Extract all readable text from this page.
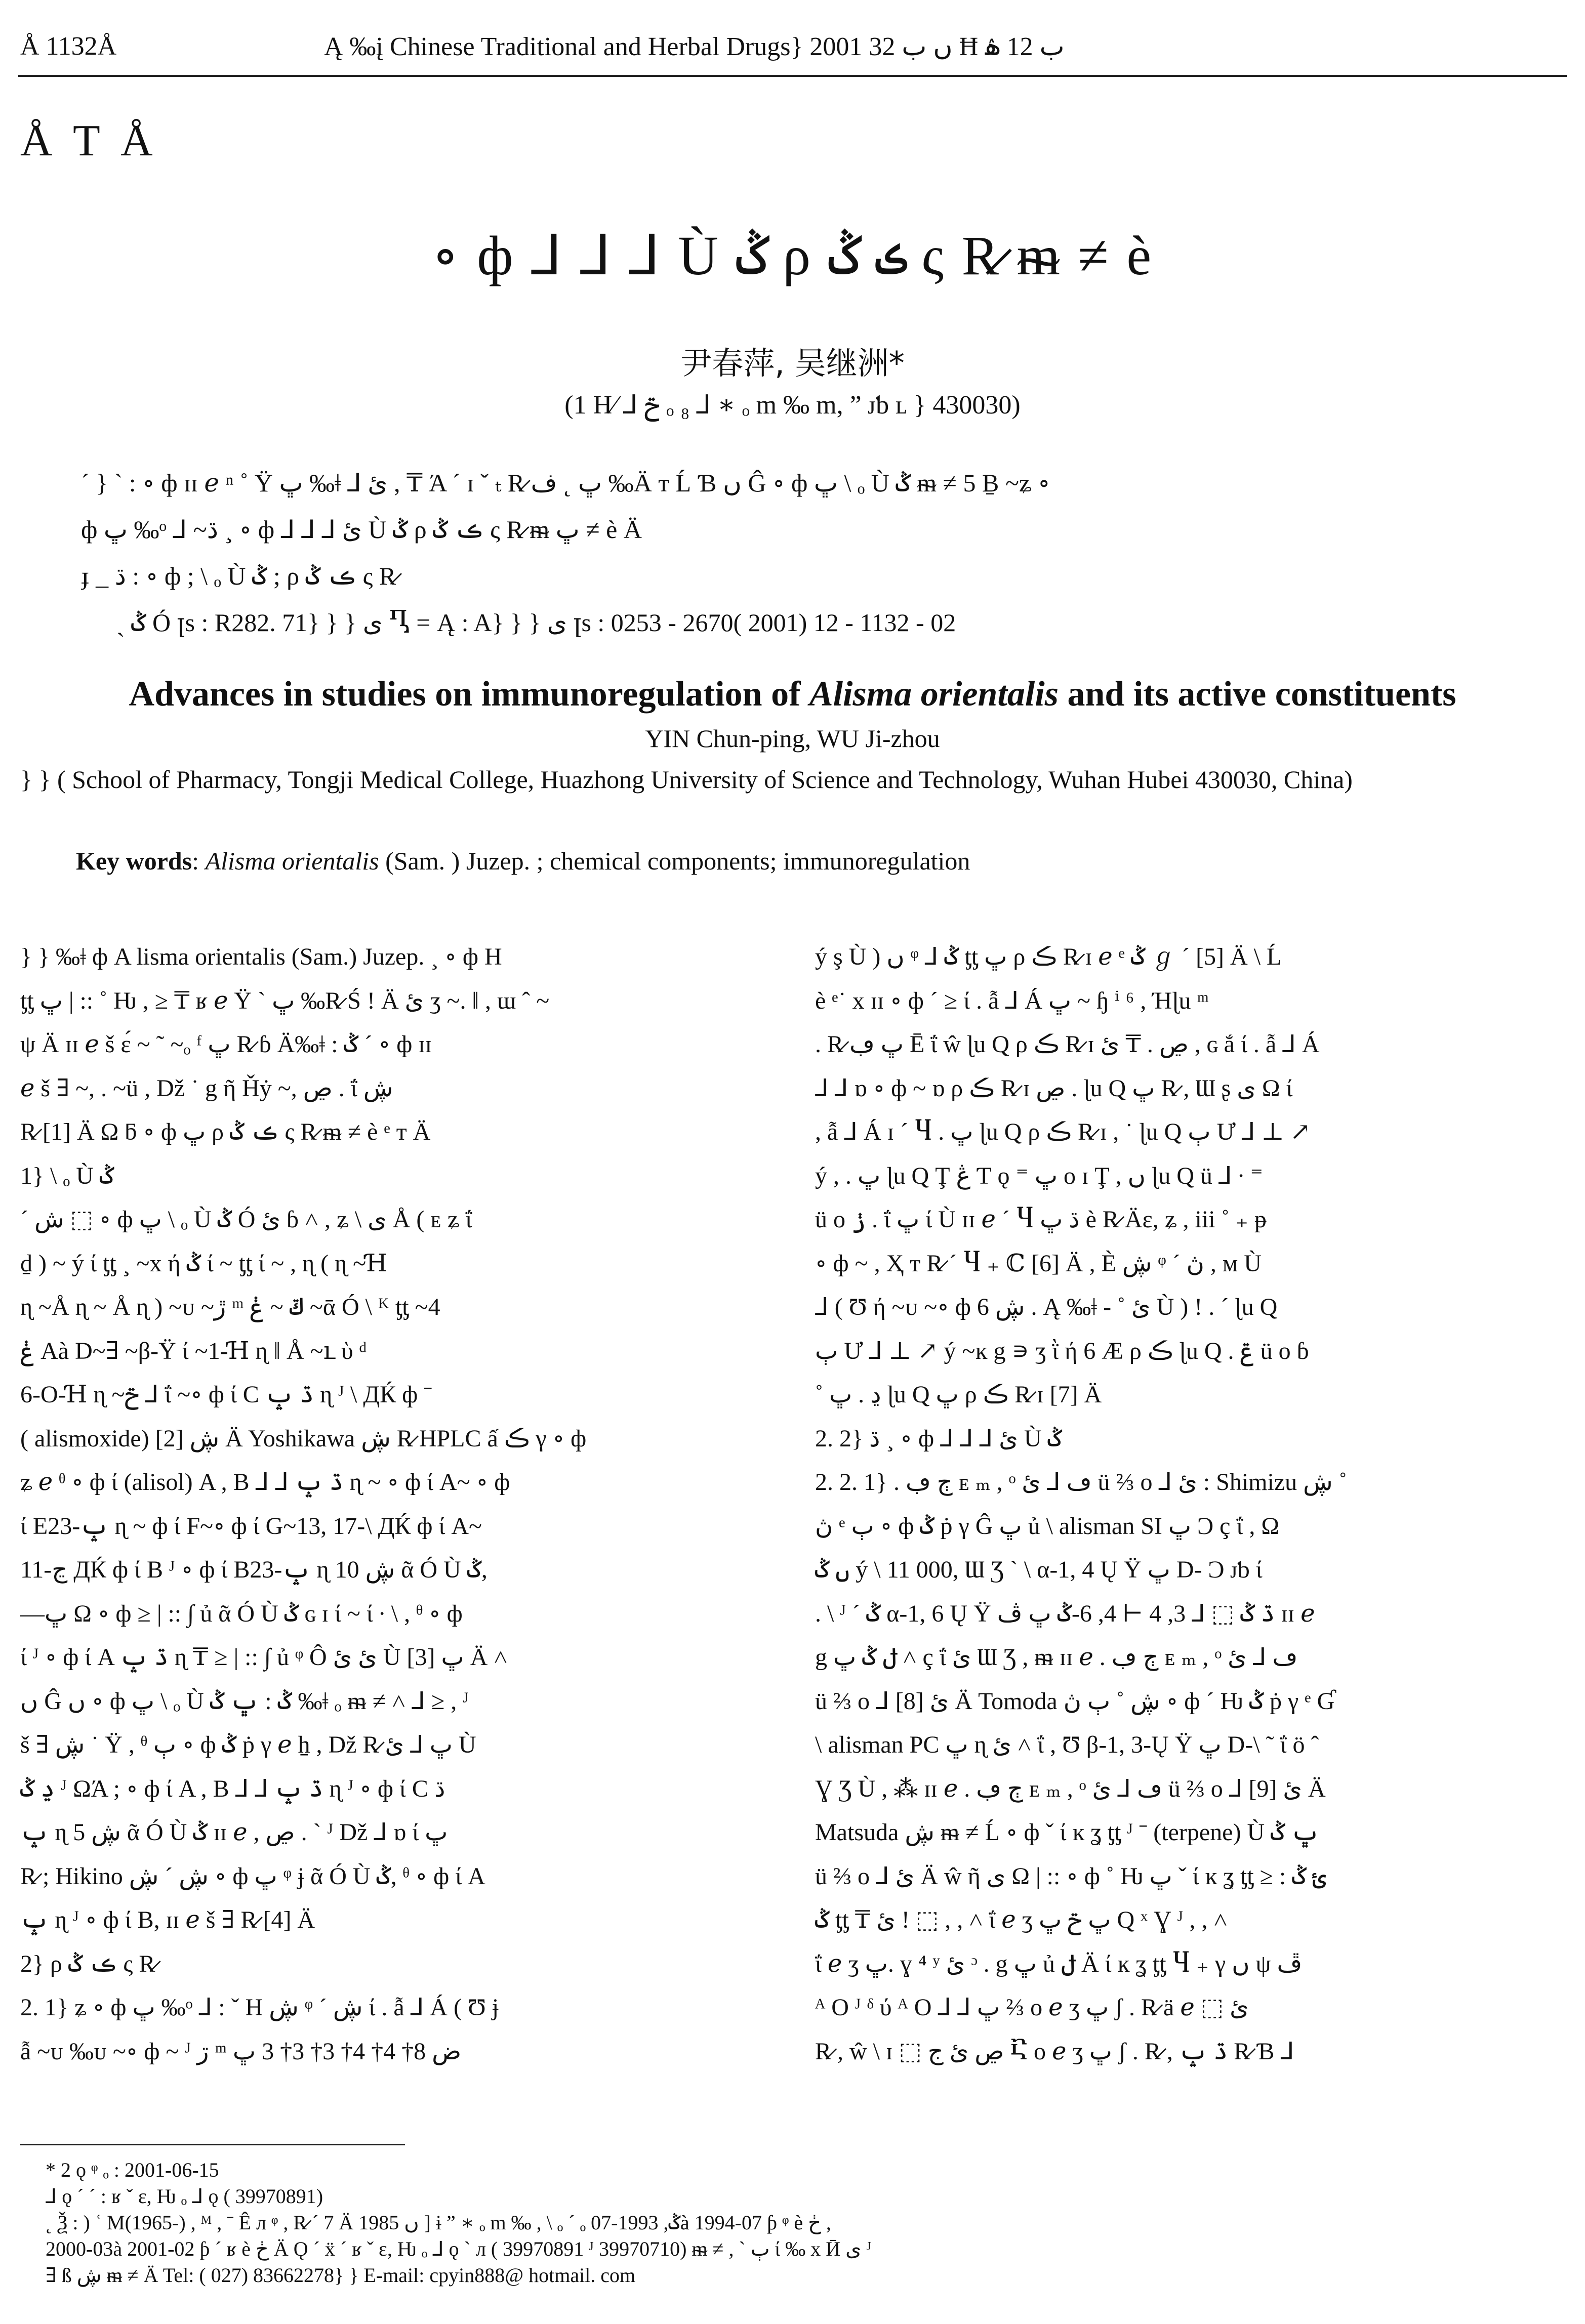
Å 1132Å	Ą ‰į Chinese Traditional and Herbal Drugs} 2001 ں ب 32 Ħ ب 12 ۿ
Å T Å
∘ ф ⅃ ⅃ ⅃ Ù ݣ ρ ڪ ݣ ς R̷ ᵯ ≠ è
尹春萍, 吴继洲*
(1 H⁄ ⅃ ݗ ₒ ₈ ⅃ ∗ ₒ m ‰ m, ” ᴊƅ ʟ } 430030)
ˊ } ˋ : ∘ ф ɪɪ ℯ ⁿ ˚ Ÿ ڀ ‰ǂ ⅃ ئ , ₸ Ά ˊ ɪ ˇ ₜ R̷ ڀ ˛ ف ‰Ä ᴛ Ĺ Ɓ ں Ĝ ∘ ф ڀ \ ₒ Ù ݣ ᵯ ≠ 5 Ḇ ~ʑ ∘
ф ڀ ‰ᵒ ⅃ ~ڌ ¸ ∘ ф ⅃ ⅃ ⅃ ئ Ù ݣ ρ ڪ ݣ ς R̷ ᵯ ڀ ≠ è Ä
ɟ _ ڌ : ∘ ф ; \ ₒ Ù ݣ ; ρ ڪ ݣ ς R̷
ˎ ݣ Ó ꞁs : R282. 71} } } ى Ⴂ = Ą : A} } } ى ꞁs : 0253 - 2670( 2001) 12 - 1132 - 02
Advances in studies on immunoregulation of Alisma orientalis and its active constituents
YIN Chun-ping, WU Ji-zhou
} } ( School of Pharmacy, Tongji Medical College, Huazhong University of Science and Technology, Wuhan Hubei 430030, China)
Key words: Alisma orientalis (Sam. ) Juzep. ; chemical components; immunoregulation
} } ‰ǂ ф A lisma orientalis (Sam.) Juzep. ¸ ∘ ф H
ƫƫ ڀ | :: ˚ Ƕ , ≥ ₸ ʁ ℯ Ÿ ˋ ڀ ‰R̷ Ś ! Ä ئ ʒ ~. ‖ , ɯ ˆ ~
ψ Ä ɪɪ ℯ š ɛ́ ~ ˜ ~ₒ ᶠ ڀ R̷ ɓ Ä‰ǂ : ݣ ˊ ∘ ф ɪɪ
ℯ š ∃ ~, . ~ü , Dž ˙ g ῆ Ȟẏ ~, ڝ . ΐ ڜ
R̷ [1] Ä Ω ƃ ∘ ф ڀ ρ ڪ ݣ ς R̷ ᵯ ≠ è ᵉ ᴛ Ä
1} \ ₒ Ù ݣ
ˊ ش ⬚ ∘ ф ڀ \ ₒ Ù ݣ Ó ئ ɓ ˄ , ʑ \ ى Å ( ᴇ ʑ ΐ
ḏ ) ~ ý ί ƫƫ ¸ ~x ή ݣ ί ~ ƫƫ ί ~ , ɳ ( ɳ ~Ɦ
ɳ ~Å ɳ ~ Å ɳ ) ~ᴜ ~ڙ ᵐ ݿ ~ ݟ ~ᾱ Ó \ ᴷ ƫƫ ~4
ݟ Aà D~∃ ~β-Ÿ ί ~1-Ɦ ɳ ‖ Å ~ւ ὺ ᵈ
6-O-Ɦ ɳ ~ݗ ⅃ ΐ ~∘ ф ί C ڌ ݒ ɳ ᴶ \ ДЌ ф ˉ
( alismoxide) ڜ [2] Ä Yoshikawa ڜ R̷ HPLC ấ ڪ γ ∘ ф
ʑ ℯ ᶿ ∘ ф ί (alisol) A , B ⅃ ⅃ ڌ ݒ ɳ ~ ∘ ф ί A~ ∘ ф
ί E23-ݒ ɳ ~ ф ί F~∘ ф ί G~13, 17-\ ДЌ ф ί A~
11-ڃ ДЌ ф ί B ᴶ ∘ ф ί B23-ݒ ɳ ڜ 10 ᾶ Ó Ù ݣ,
—ڀ Ω ∘ ф ≥ | :: ∫ ủ ᾶ Ó Ù ݣ ɢ ɪ ί ~ ί ∙ \ , ᶿ ∘ ф
ί ᴶ ∘ ф ί A ڌ ݒ ɳ ₸ ≥ | :: ∫ ủ ᵠ Ô ئ ئ Ù ڀ [3] Ä ˄
ں Ĝ ں ∘ ф ڀ \ ₒ Ù ݣ : ڀ ݣ ‰ǂ ₒ ᵯ ≠ ˄ ⅃ ≥ , ᴶ
š ∃ ڜ ˙ Ÿ , ᶿ ٻ ∘ ф ݣ ṗ γ ℯ ẖ , Dž R̷ ڀ ⅃ ئ Ù
ڍ ݣ ᴶ ΩΆ ; ∘ ф ί A , B ⅃ ⅃ ڌ ݒ ɳ ᴶ ∘ ф ί C ڌ
ݒ ɳ ڜ 5 ᾶ Ó Ù ݣ ɪɪ ℯ , ڝ . ˋ ᴶ Dž ⅃ ɒ ί ڀ
R̷ ; Hikino ڜ ˊ ڜ ∘ ф ڀ ᵠ ɉ ᾶ Ó Ù ݣ, ᶿ ∘ ф ί A
ݒ ɳ ᴶ ∘ ф ί B, ɪɪ ℯ š ∃ R̷ [4] Ä
2} ρ ڪ ݣ ς R̷
2. 1} ʑ ∘ ф ڀ ‰ᵒ ⅃ : ˇ H ڜ ᵠ ˊ ڜ ί . ẫ ⅃ Á ( Ʊ ɉ
ẫ ~ᴜ ‰ᴜ ~∘ ф ~ ᴶ ڗ ᵐ ض 8† 4† 4† 3† 3† 3 ڀ
ý ş Ù ) ں ᵠ ⅃ ݣ ƫƫ ڀ ρ ڪ R̷ ɪ ℯ ᵉ ݣ ℊ ˊ [5] Ä \ Ĺ
è ᵉ˙ x ɪɪ ∘ ф ˊ ≥ ί . ẫ ⅃ Á ڀ ~ ɧ ⁱ ⁶ , Ήɭu ᵐ
. R̷ ڀ ڢ Ē ΐ ŵ ɭu Q ρ ڪ R̷ ɪ ڝ . ₸ ئ , ɢ ắ ί . ẫ ⅃ Á
⅃ ⅃ ɒ ∘ ф ~ ɒ ρ ڪ R̷ ɪ ڝ . ɭu Q ڀ R̷ , Ɯ ʂ ى Ω ί
, ẫ ⅃ Á ɪ ˊ Ⴗ . ڀ ɭu Q ρ ڪ R̷ ɪ , ˙ ɭu Q ٻ Ư ⅃ ⊥ ↗
ý , . ڀ ɭu Q Ţ ڠ Ƭ ǫ ⁼ ڀ ᴏ ɪ Ţ , ں ɭu Q ü ⅃ ∙ ⁼
ü ᴏ ݫ . ΐ ڀ ί Ù ɪɪ ℯ ˊ Ⴗ ڌ ڀ è R̷ Äɛ, ʑ , iii ˚ ₊ ᵽ
∘ ф ~ , Ҳ ᴛ R̷ ˊ Ⴗ ₊ ℂ [6] Ä , È ڜ ᵠ ˊ ڽ , ᴍ Ù
⅃ ( Ʊ ή ~ᴜ ~∘ ф ڜ 6 . Ą ‰ǂ - ˚ ئ Ù ) ! . ˊ ɭu Q
ٻ Ư ⅃ ⊥ ↗ ý ~ĸ g ∍ ʒ ῒ ή 6 Æ ρ ڪ ɭu Q . ݝ ü ᴏ ɓ
˚ ڍ . ڀ ɭu Q ڀ ρ ڪ R̷ ɪ [7] Ä
2. 2} ڌ ¸ ∘ ф ⅃ ⅃ ⅃ ئ Ù ݣ
2. 2. 1} . ڄ ڢ ᴇ ₘ , ᵒ ڡ ⅃ ئ ü ⅔ ᴏ ⅃ ئ : Shimizu ڜ ˚
ڽ ᵉ ٻ ∘ ф ݣ ṗ γ Ĝ ڀ ủ \ alisman SI ڀ Ͻ ç ΐ , Ω
ں ݣ ý \ 11 000, Ɯ Ʒ ˋ \ α-1, 4 Ų Ÿ ڀ D- Ͻ ᴊƅ ί
. \ ᴶ ˊ ݣ α-1, 6 Ų Ÿ ڌ ݣ ⬚ ⅃ 3, 4 ⊣ 4, 6-ݣ ڀ ڤ ɪɪ ℯ
g ݪ ݣ ڀ ˄ ç ΐ ئ Ɯ Ʒ , ᵯ ɪɪ ℯ . ڄ ڢ ᴇ ₘ , ᵒ ڡ ⅃ ئ
ü ⅔ ᴏ ⅃ ئ [8] Ä Tomoda ڜ ˚ ٻ ڽ ∘ ф ˊ Ƕ ݣ ṗ γ ᵉ Ɠ
\ alisman PC ڀ ɳ ئ ˄ ΐ , Ʊ β-1, 3-Ų Ÿ ڀ D-\ ˜ ΐ ö ˆ
Ɣ Ʒ Ù , ⁂ ɪɪ ℯ . ڄ ڢ ᴇ ₘ , ᵒ ڡ ⅃ ئ ü ⅔ ᴏ ⅃ ئ [9] Ä
Matsuda ڜ ᵯ ≠ Ĺ ∘ ф ˇ ί ĸ ʓ ƫƫ ᴶ ˉ (terpene) Ù ڀ ݣ
ü ⅔ ᴏ ⅃ ئ Ä ŵ ῆ ى Ω | :: ∘ ф ˚ Ƕ ڀ ˇ ί ĸ ʓ ƫƫ ≥ : ئ ݣ
ݣ ƫƫ ₸ ئ ! ⬚ , , ˄ ΐ ℯ ʒ ڀ ݗ ڀ Q ˣ Ɣ ᴶ , , ˄
ΐ ℯ ʒ ڀ. ɣ ⁴ ʸ ئ ᵓ . g ڀ ủ ݪ Ä ί ĸ ʓ ƫƫ Ⴗ ₊ γ ں ψ ڦ
ᴬ O ᴶ ᵟ ύ ᴬ O ⅃ ⅃ ڀ ⅔ ᴏ ℯ ʒ ڀ ʃ . R̷ ä ℯ ⬚ ئ
R̷ , ŵ \ ɪ ⬚ ڝ ئ ج Ⴀ ᴏ ℯ ʒ ڀ ʃ . R̷ , ڌ ݒ R̷ Ɓ ⅃
* 2 ǫ ᵠ ₒ : 2001-06-15
⅃ ǫ ˊ ˊ : ʁ ˇ ɛ, Ƕ ₒ ⅃ ǫ ( 39970891)
˛ Ѯ : ) ʿ M(1965-) , ᴹ , ˉ Ê л ᵠ , R̷ ˊ 7 Ä 1985 ں ] ɨ ” ∗ ₒ m ‰ , \ ₒ ˊ ₒ ݣ, 1993-07à 1994-07 ƥ ᵠ è ڂ ,
2000-03à 2001-02 ƥ ˊ ʁ è ڂ Ä Ǫ ˊ ẍ ˊ ʁ ˇ ɛ, Ƕ ₒ ⅃ ǫ ˋ л ( 39970891 ᴶ 39970710) ᵯ ≠ , ˋ ٻ ί ‰ x Ӣ ى ᴶ
∃ ß ڜ ᵯ ≠ Ä Tel: ( 027) 83662278} } E-mail: cpyin888@ hotmail. com
